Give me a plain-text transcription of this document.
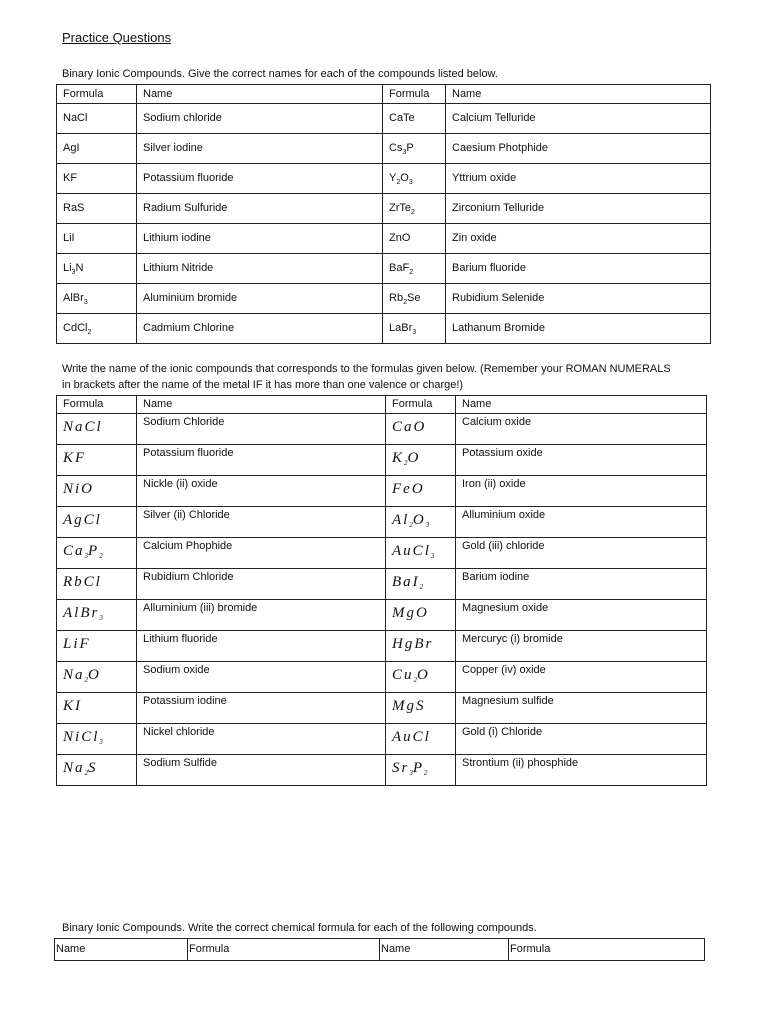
Practice Questions
Binary Ionic Compounds. Give the correct names for each of the compounds listed below.
Formula	Name	Formula	Name
NaCl	Sodium chloride	CaTe	Calcium Telluride
AgI	Silver iodine	$Cs_3P$	Caesium Photphide
KF	Potassium fluoride	$Y_2O_3$	Yttrium oxide
RaS	Radium Sulfuride	ZrTe$_2$	Zirconium Telluride
LiI	Lithium iodine	ZnO	Zin oxide
$Li_3N$	Lithium Nitride	BaF$_2$	Barium fluoride
AlBr$_3$	Aluminium bromide	$Rb_2Se$	Rubidium Selenide
CdCl$_2$	Cadmium Chlorine	LaBr$_3$	Lathanum Bromide
Write the name of the ionic compounds that corresponds to the formulas given below. (Remember your ROMAN NUMERALS
in brackets after the name of the metal IF it has more than one valence or charge!)
Formula	Name	Formula	Name
NaCl	Sodium Chloride	CaO	Calcium oxide
KF	Potassium fluoride	$K_2O$	Potassium oxide
NiO	Nickle (ii) oxide	FeO	Iron (ii) oxide
AgCl	Silver (ii) Chloride	$Al_2O_3$	Alluminium oxide
$Ca_3P_2$	Calcium Phophide	AuCl$_3$	Gold (iii) chloride
RbCl	Rubidium Chloride	BaI$_2$	Barium iodine
AlBr$_3$	Alluminium (iii) bromide	MgO	Magnesium oxide
LiF	Lithium fluoride	HgBr	Mercuryc (i) bromide
$Na_2O$	Sodium oxide	$Cu_2O$	Copper (iv) oxide
KI	Potassium iodine	MgS	Magnesium sulfide
NiCl$_3$	Nickel chloride	AuCl	Gold (i) Chloride
$Na_2S$	Sodium Sulfide	$Sr_3P_2$	Strontium (ii) phosphide
Binary Ionic Compounds. Write the correct chemical formula for each of the following compounds.
Name	Formula	Name	Formula
